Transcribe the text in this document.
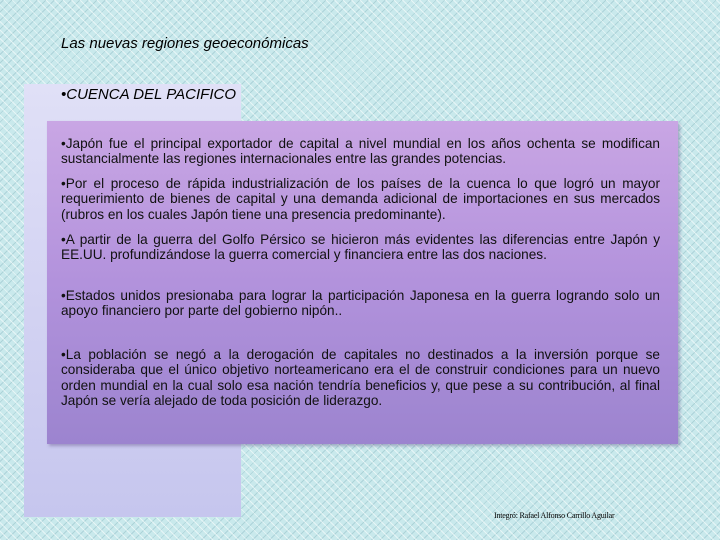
Las nuevas regiones geoeconómicas
•CUENCA DEL PACIFICO

•Japón fue el principal exportador de capital a nivel mundial en los años ochenta se modifican sustancialmente las regiones internacionales entre las grandes potencias.

•Por el proceso de rápida industrialización de los países de la cuenca lo que logró un mayor requerimiento de bienes de capital y una demanda adicional de importaciones en sus mercados (rubros en los cuales Japón tiene una presencia predominante).

•A partir de la guerra del Golfo Pérsico se hicieron más evidentes las diferencias entre Japón y EE.UU. profundizándose la guerra comercial y financiera entre las dos naciones.

•Estados unidos presionaba para lograr la participación Japonesa en la guerra logrando solo un apoyo financiero por parte del gobierno nipón..

•La población se negó a la derogación de capitales no destinados a la inversión porque se consideraba que el único objetivo norteamericano era el de construir condiciones para un nuevo orden mundial en la cual solo esa nación tendría beneficios y, que pese a su contribución, al final Japón se vería alejado de toda posición de liderazgo.

Integró: Rafael Alfonso Carrillo Aguilar
